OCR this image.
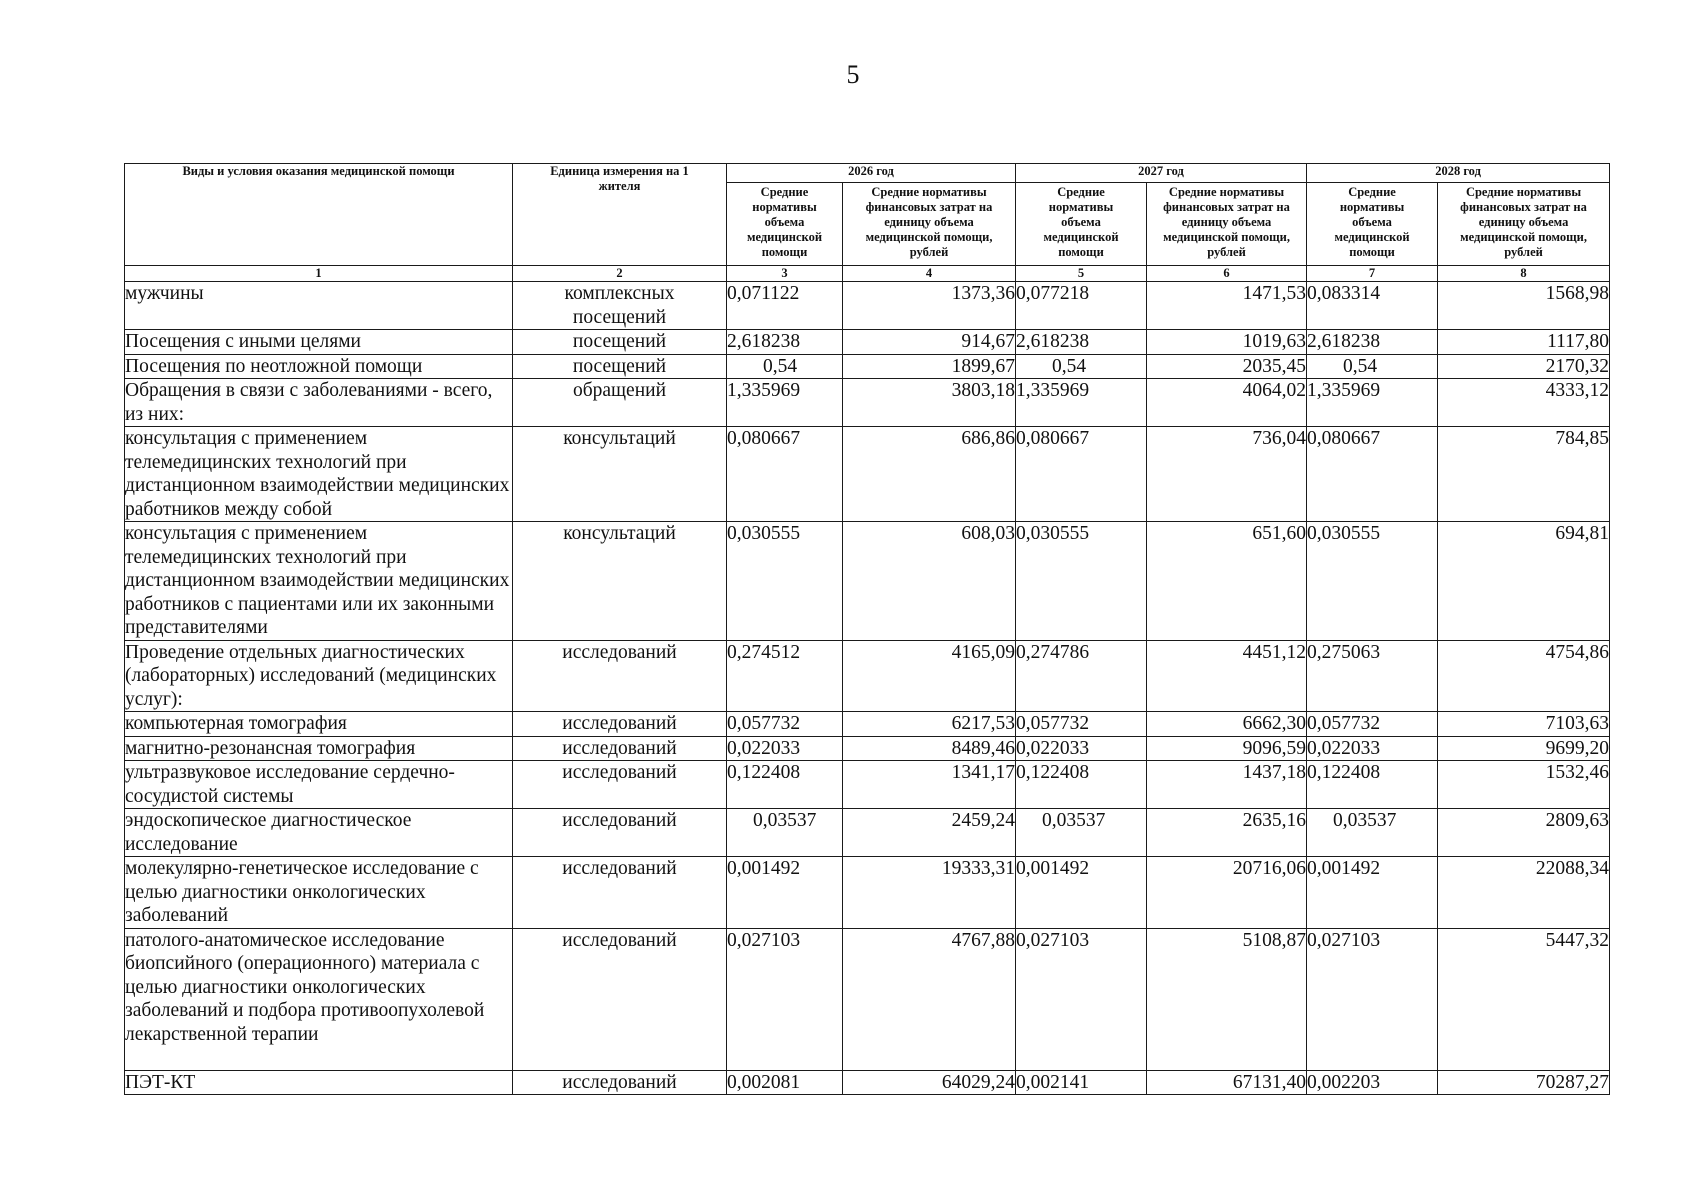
5
Виды и условия оказания медицинской помощи	Единица измерения на 1 жителя	2026 год		2027 год		2028 год	
		Средние нормативы объема медицинской помощи	Средние нормативы финансовых затрат на единицу объема медицинской помощи, рублей	Средние нормативы объема медицинской помощи	Средние нормативы финансовых затрат на единицу объема медицинской помощи, рублей	Средние нормативы объема медицинской помощи	Средние нормативы финансовых затрат на единицу объема медицинской помощи, рублей
1	2	3	4	5	6	7	8
мужчины	комплексных посещений	0,071122	1373,36	0,077218	1471,53	0,083314	1568,98
Посещения с иными целями	посещений	2,618238	914,67	2,618238	1019,63	2,618238	1117,80
Посещения по неотложной помощи	посещений	0,54	1899,67	0,54	2035,45	0,54	2170,32
Обращения в связи с заболеваниями - всего, из них:	обращений	1,335969	3803,18	1,335969	4064,02	1,335969	4333,12
консультация с применением телемедицинских технологий при дистанционном взаимодействии медицинских работников между собой	консультаций	0,080667	686,86	0,080667	736,04	0,080667	784,85
консультация с применением телемедицинских технологий при дистанционном взаимодействии медицинских работников с пациентами или их законными представителями	консультаций	0,030555	608,03	0,030555	651,60	0,030555	694,81
Проведение отдельных диагностических (лабораторных) исследований (медицинских услуг):	исследований	0,274512	4165,09	0,274786	4451,12	0,275063	4754,86
компьютерная томография	исследований	0,057732	6217,53	0,057732	6662,30	0,057732	7103,63
магнитно-резонансная томография	исследований	0,022033	8489,46	0,022033	9096,59	0,022033	9699,20
ультразвуковое исследование сердечно-сосудистой системы	исследований	0,122408	1341,17	0,122408	1437,18	0,122408	1532,46
эндоскопическое диагностическое исследование	исследований	0,03537	2459,24	0,03537	2635,16	0,03537	2809,63
молекулярно-генетическое исследование с целью диагностики онкологических заболеваний	исследований	0,001492	19333,31	0,001492	20716,06	0,001492	22088,34
патолого-анатомическое исследование биопсийного (операционного) материала с целью диагностики онкологических заболеваний и подбора противоопухолевой лекарственной терапии	исследований	0,027103	4767,88	0,027103	5108,87	0,027103	5447,32
ПЭТ-КТ	исследований	0,002081	64029,24	0,002141	67131,40	0,002203	70287,27
